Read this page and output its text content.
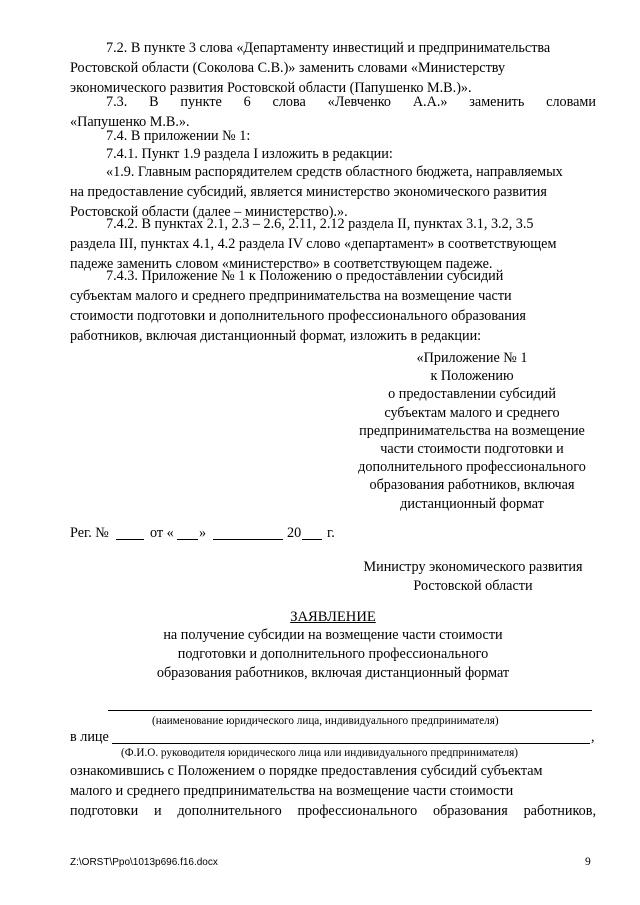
7.2. В пункте 3 слова «Департаменту инвестиций и предпринимательства
Ростовской области (Соколова С.В.)» заменить словами «Министерству
экономического развития Ростовской области (Папушенко М.В.)».
7.3. В пункте 6 слова «Левченко А.А.» заменить словами
«Папушенко М.В.».
7.4. В приложении № 1:
7.4.1. Пункт 1.9 раздела I изложить в редакции:
«1.9. Главным распорядителем средств областного бюджета, направляемых
на предоставление субсидий, является министерство экономического развития
Ростовской области (далее – министерство).».
7.4.2. В пунктах 2.1, 2.3 – 2.6, 2.11, 2.12 раздела II, пунктах 3.1, 3.2, 3.5
раздела III, пунктах 4.1, 4.2 раздела IV слово «департамент» в соответствующем
падеже заменить словом «министерство» в соответствующем падеже.
7.4.3. Приложение № 1 к Положению о предоставлении субсидий
субъектам малого и среднего предпринимательства на возмещение части
стоимости подготовки и дополнительного профессионального образования
работников, включая дистанционный формат, изложить в редакции:
«Приложение № 1
к Положению
о предоставлении субсидий
субъектам малого и среднего
предпринимательства на возмещение
части стоимости подготовки и
дополнительного профессионального
образования работников, включая
дистанционный формат
Рег. №	от « »	20 г.
Министру экономического развития
Ростовской области
ЗАЯВЛЕНИЕ
на получение субсидии на возмещение части стоимости
подготовки и дополнительного профессионального
образования работников, включая дистанционный формат
(наименование юридического лица, индивидуального предпринимателя)
в лице	,
(Ф.И.О. руководителя юридического лица или индивидуального предпринимателя)
ознакомившись с Положением о порядке предоставления субсидий субъектам
малого и среднего предпринимательства на возмещение части стоимости
подготовки и дополнительного профессионального образования работников,
Z:\ORST\Ppo\1013p696.f16.docx	9
